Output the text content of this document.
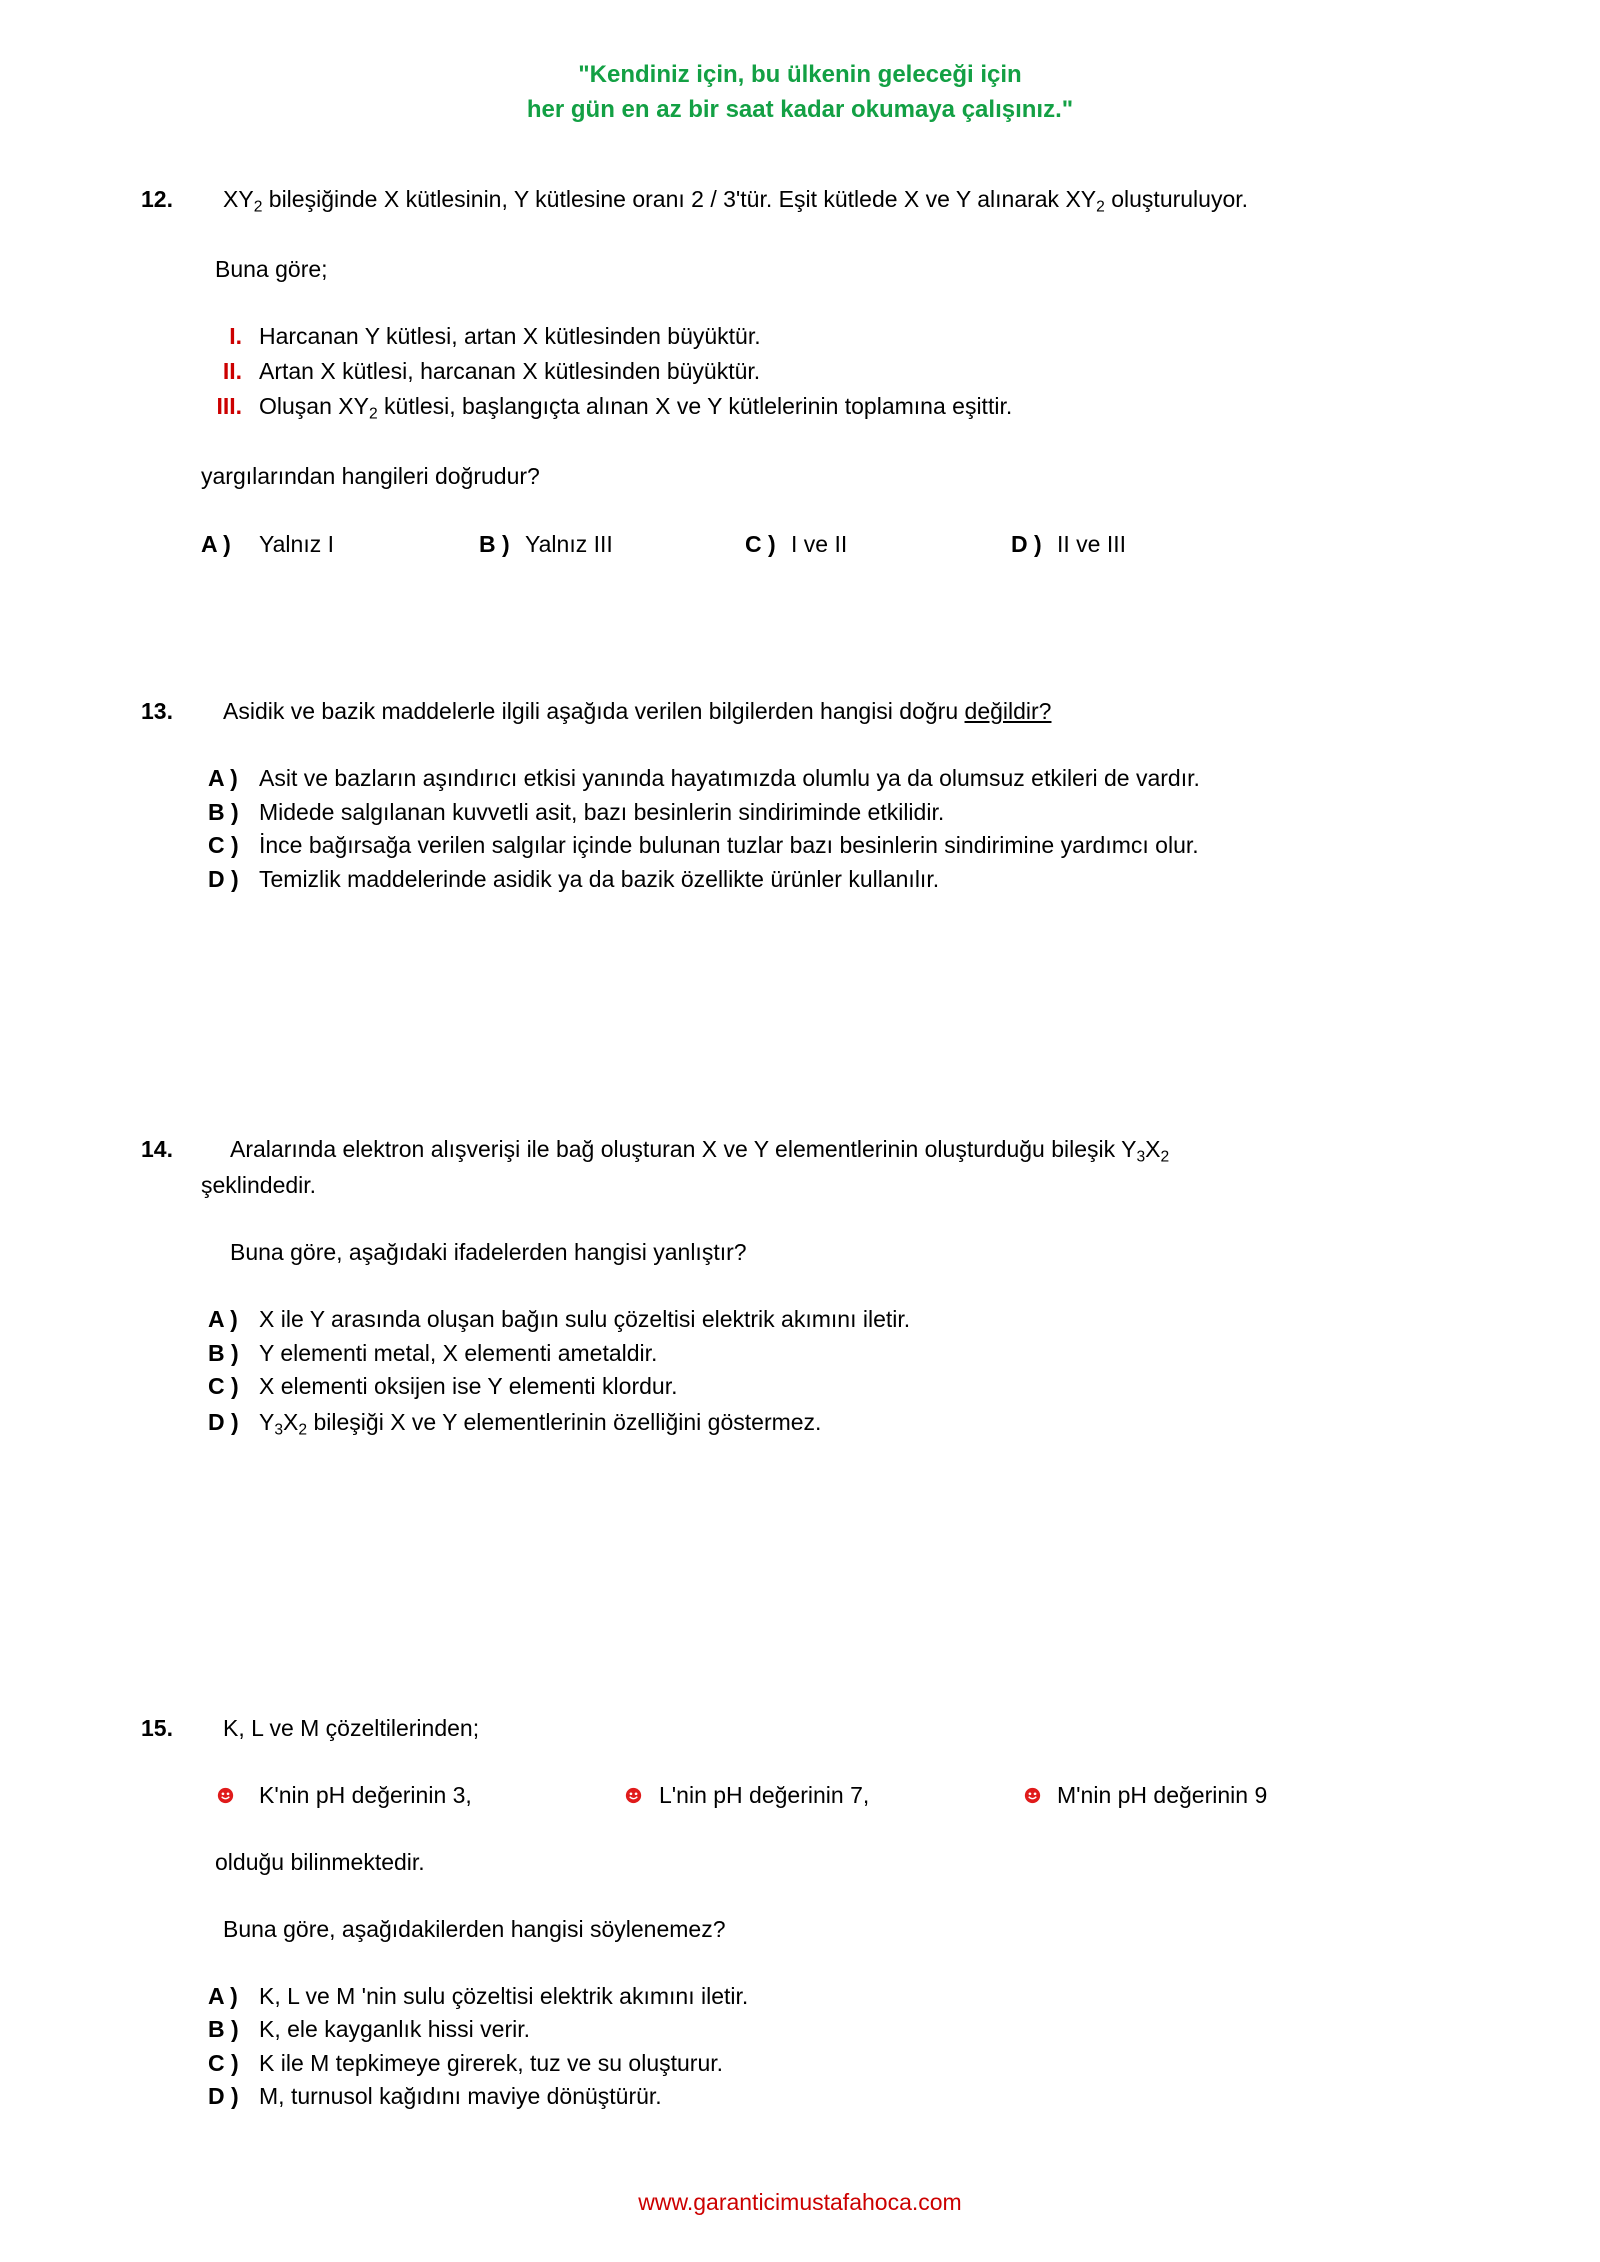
"Kendiniz için, bu ülkenin geleceği için
her gün en az bir saat kadar okumaya çalışınız."
12. $XY_2$ bileşiğinde X kütlesinin, Y kütlesine oranı 2 / 3'tür. Eşit kütlede X ve Y alınarak $XY_2$ oluşturuluyor.
Buna göre;
I. Harcanan Y kütlesi, artan X kütlesinden büyüktür.
II. Artan X kütlesi, harcanan X kütlesinden büyüktür.
III. Oluşan $XY_2$ kütlesi, başlangıçta alınan X ve Y kütlelerinin toplamına eşittir.
yargılarından hangileri doğrudur?
A ) Yalnız I	B ) Yalnız III	C ) I ve II	D ) II ve III
13. Asidik ve bazik maddelerle ilgili aşağıda verilen bilgilerden hangisi doğru değildir?
A ) Asit ve bazların aşındırıcı etkisi yanında hayatımızda olumlu ya da olumsuz etkileri de vardır.
B ) Midede salgılanan kuvvetli asit, bazı besinlerin sindiriminde etkilidir.
C ) İnce bağırsağa verilen salgılar içinde bulunan tuzlar bazı besinlerin sindirimine yardımcı olur.
D ) Temizlik maddelerinde asidik ya da bazik özellikte ürünler kullanılır.
14. Aralarında elektron alışverişi ile bağ oluşturan X ve Y elementlerinin oluşturduğu bileşik $Y_3X_2$
şeklindedir.
Buna göre, aşağıdaki ifadelerden hangisi yanlıştır?
A ) X ile Y arasında oluşan bağın sulu çözeltisi elektrik akımını iletir.
B ) Y elementi metal, X elementi ametaldir.
C ) X elementi oksijen ise Y elementi klordur.
D ) $Y_3X_2$ bileşiği X ve Y elementlerinin özelliğini göstermez.
15. K, L ve M çözeltilerinden;
K'nin pH değerinin 3,	L'nin pH değerinin 7,	M'nin pH değerinin 9
olduğu bilinmektedir.
Buna göre, aşağıdakilerden hangisi söylenemez?
A ) K, L ve M 'nin sulu çözeltisi elektrik akımını iletir.
B ) K, ele kayganlık hissi verir.
C ) K ile M tepkimeye girerek, tuz ve su oluşturur.
D ) M, turnusol kağıdını maviye dönüştürür.
www.garanticimustafahoca.com
